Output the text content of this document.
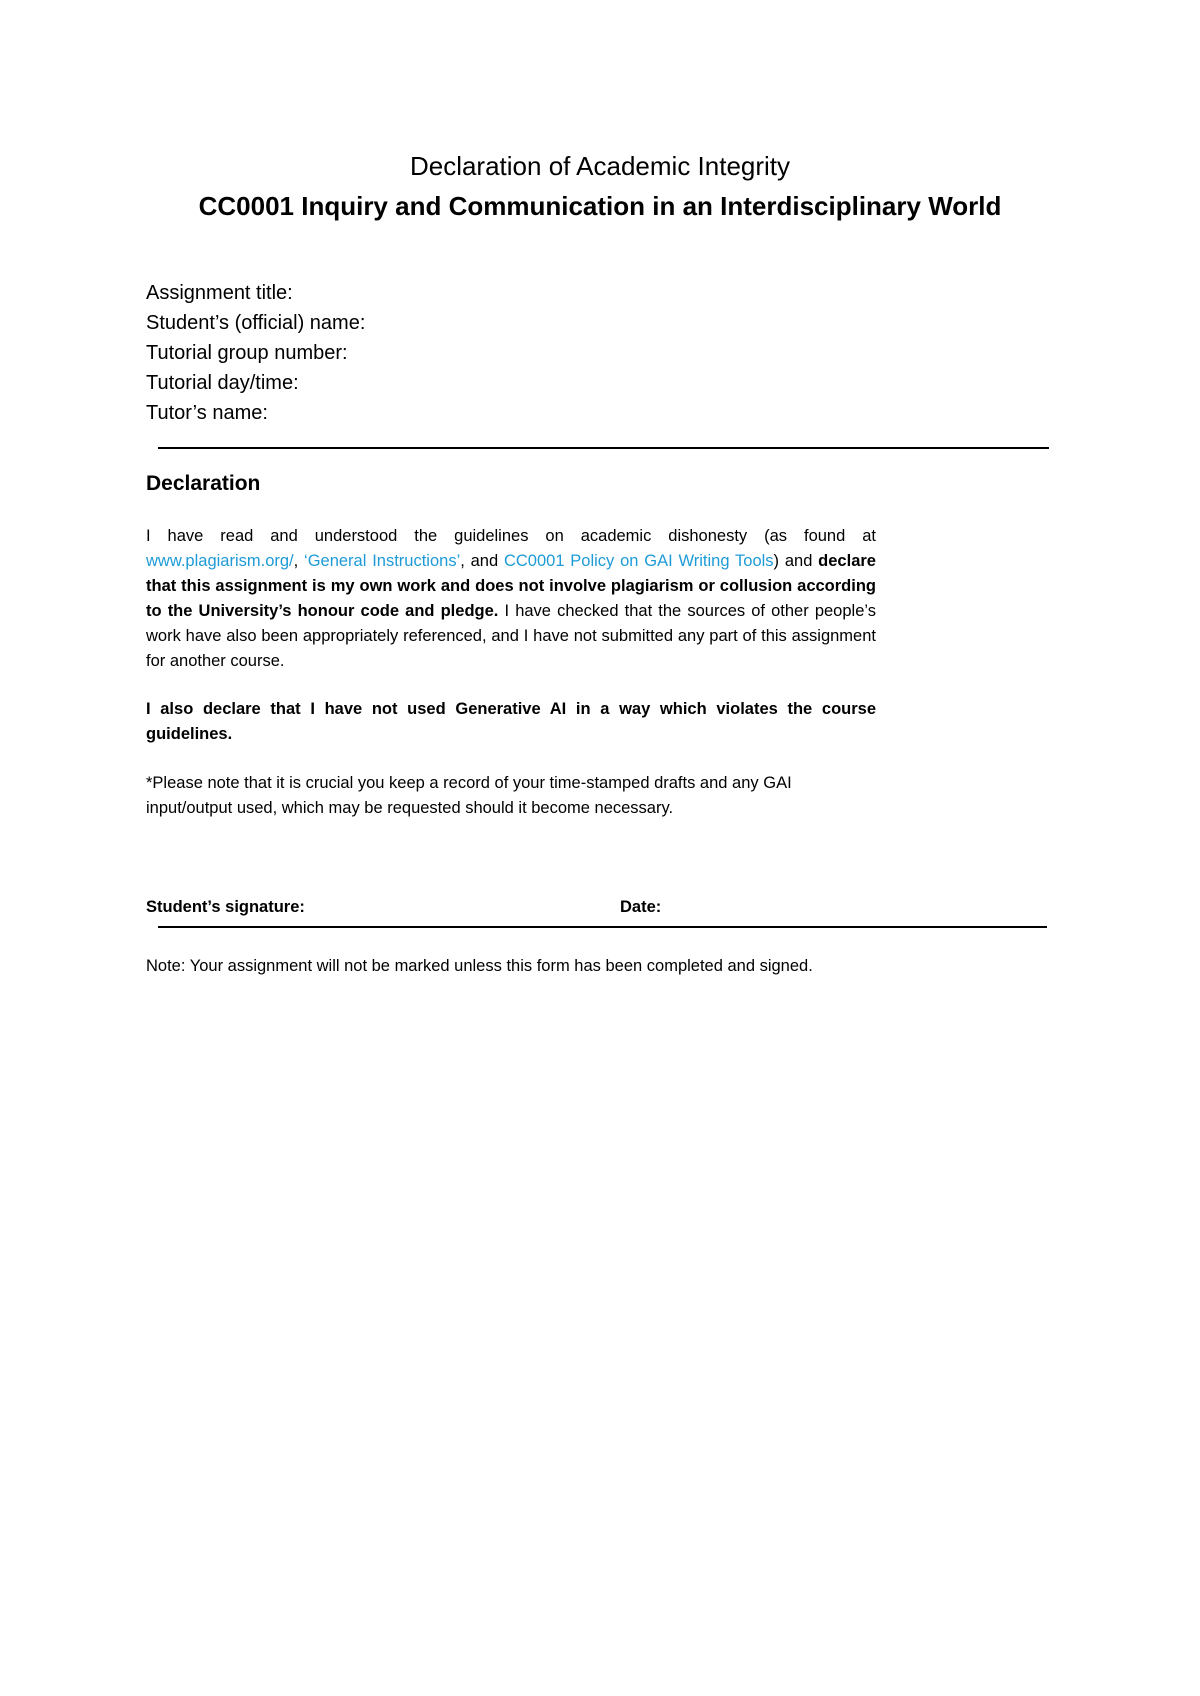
Declaration of Academic Integrity
CC0001 Inquiry and Communication in an Interdisciplinary World
Assignment title:
Student’s (official) name:
Tutorial group number:
Tutorial day/time:
Tutor’s name:
Declaration

I have read and understood the guidelines on academic dishonesty (as found at www.plagiarism.org/, ‘General Instructions’, and CC0001 Policy on GAI Writing Tools) and declare that this assignment is my own work and does not involve plagiarism or collusion according to the University’s honour code and pledge. I have checked that the sources of other people’s work have also been appropriately referenced, and I have not submitted any part of this assignment for another course.

I also declare that I have not used Generative AI in a way which violates the course guidelines.

*Please note that it is crucial you keep a record of your time-stamped drafts and any GAI input/output used, which may be requested should it become necessary.

Student’s signature:	Date:
Note: Your assignment will not be marked unless this form has been completed and signed.
